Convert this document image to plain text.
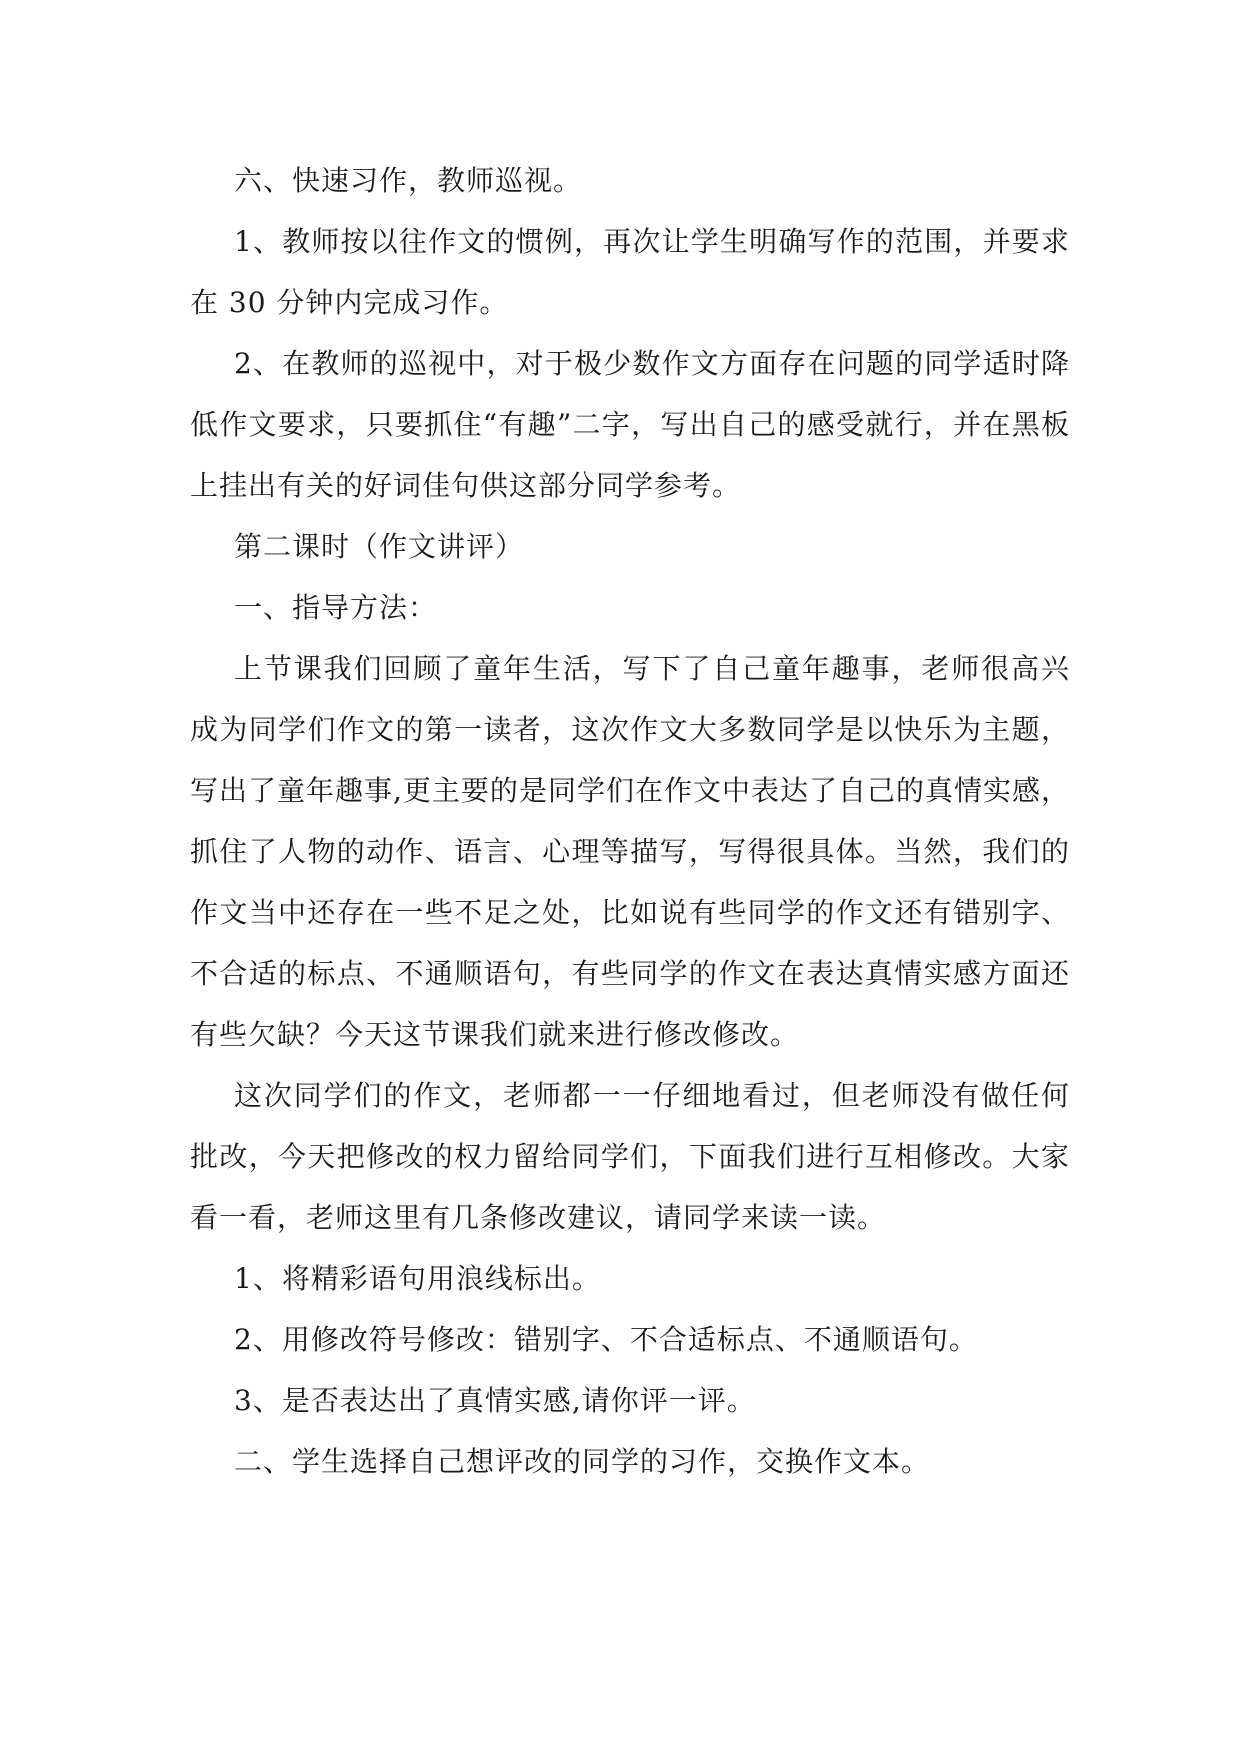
六、快速习作，教师巡视。

1、教师按以往作文的惯例，再次让学生明确写作的范围，并要求在 30 分钟内完成习作。

2、在教师的巡视中，对于极少数作文方面存在问题的同学适时降低作文要求，只要抓住“有趣”二字，写出自己的感受就行，并在黑板上挂出有关的好词佳句供这部分同学参考。

第二课时（作文讲评）

一、指导方法：

上节课我们回顾了童年生活，写下了自己童年趣事，老师很高兴成为同学们作文的第一读者，这次作文大多数同学是以快乐为主题，写出了童年趣事,更主要的是同学们在作文中表达了自己的真情实感，抓住了人物的动作、语言、心理等描写，写得很具体。当然，我们的作文当中还存在一些不足之处，比如说有些同学的作文还有错别字、不合适的标点、不通顺语句，有些同学的作文在表达真情实感方面还有些欠缺？今天这节课我们就来进行修改修改。

这次同学们的作文，老师都一一仔细地看过，但老师没有做任何批改，今天把修改的权力留给同学们，下面我们进行互相修改。大家看一看，老师这里有几条修改建议，请同学来读一读。

1、将精彩语句用浪线标出。

2、用修改符号修改：错别字、不合适标点、不通顺语句。

3、是否表达出了真情实感,请你评一评。

二、学生选择自己想评改的同学的习作，交换作文本。
